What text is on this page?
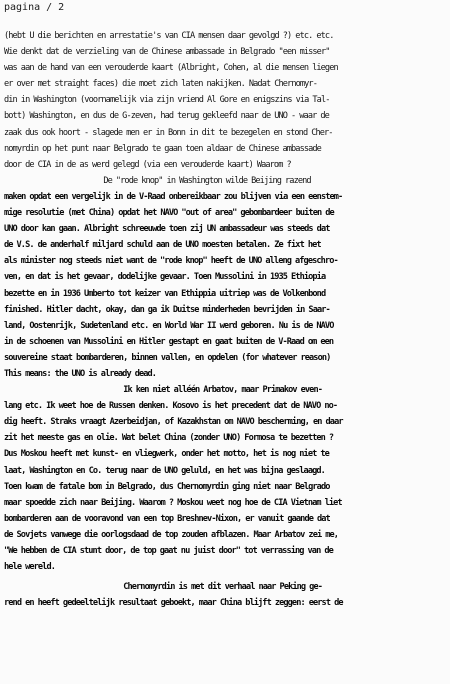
pagina / 2
(hebt U die berichten en arrestatie's van CIA mensen daar gevolgd ?) etc. etc.
Wie denkt dat de verzieling van de Chinese ambassade in Belgrado "een misser"
was aan de hand van een verouderde kaart (Albright, Cohen, al die mensen liegen
er over met straight faces) die moet zich laten nakijken. Nadat Chernomyr-
din in Washington (voornamelijk via zijn vriend Al Gore en enigszins via Tal-
bott) Washington, en dus de G-zeven, had terug gekleefd naar de UNO - waar de
zaak dus ook hoort - slagede men er in Bonn in dit te bezegelen en stond Cher-
nomyrdin op het punt naar Belgrado te gaan toen aldaar de Chinese ambassade
door de CIA in de as werd gelegd (via een verouderde kaart) Waarom ?
De "rode knop" in Washington wilde Beijing razend
maken opdat een vergelijk in de V-Raad onbereikbaar zou blijven via een eenstem-
mige resolutie (met China) opdat het NAVO "out of area" gebombardeer buiten de
UNO door kan gaan. Albright schreeuwde toen zij UN ambassadeur was steeds dat
de V.S. de anderhalf miljard schuld aan de UNO moesten betalen. Ze fixt het
als minister nog steeds niet want de "rode knop" heeft de UNO alleng afgeschro-
ven, en dat is het gevaar, dodelijke gevaar. Toen Mussolini in 1935 Ethiopia
bezette en in 1936 Umberto tot keizer van Ethippia uitriep was de Volkenbond
finished. Hitler dacht, okay, dan ga ik Duitse minderheden bevrijden in Saar-
land, Oostenrijk, Sudetenland etc. en World War II werd geboren. Nu is de NAVO
in de schoenen van Mussolini en Hitler gestapt en gaat buiten de V-Raad om een
souvereine staat bombarderen, binnen vallen, en opdelen (for whatever reason)
This means: the UNO is already dead.
Ik ken niet alléén Arbatov, maar Primakov even-
lang etc. Ik weet hoe de Russen denken. Kosovo is het precedent dat de NAVO no-
dig heeft. Straks vraagt Azerbeidjan, of Kazakhstan om NAVO bescherming, en daar
zit het meeste gas en olie. Wat belet China (zonder UNO) Formosa te bezetten ?
Dus Moskou heeft met kunst- en vliegwerk, onder het motto, het is nog niet te
laat, Washington en Co. terug naar de UNO geluld, en het was bijna geslaagd.
Toen kwam de fatale bom in Belgrado, dus Chernomyrdin ging niet naar Belgrado
maar spoedde zich naar Beijing. Waarom ? Moskou weet nog hoe de CIA Vietnam liet
bombarderen aan de vooravond van een top Breshnev-Nixon, er vanuit gaande dat
de Sovjets vanwege die oorlogsdaad de top zouden afblazen. Maar Arbatov zei me,
"We hebben de CIA stunt door, de top gaat nu juist door" tot verrassing van de
hele wereld.
Chernomyrdin is met dit verhaal naar Peking ge-
rend en heeft gedeeltelijk resultaat geboekt, maar China blijft zeggen: eerst de
